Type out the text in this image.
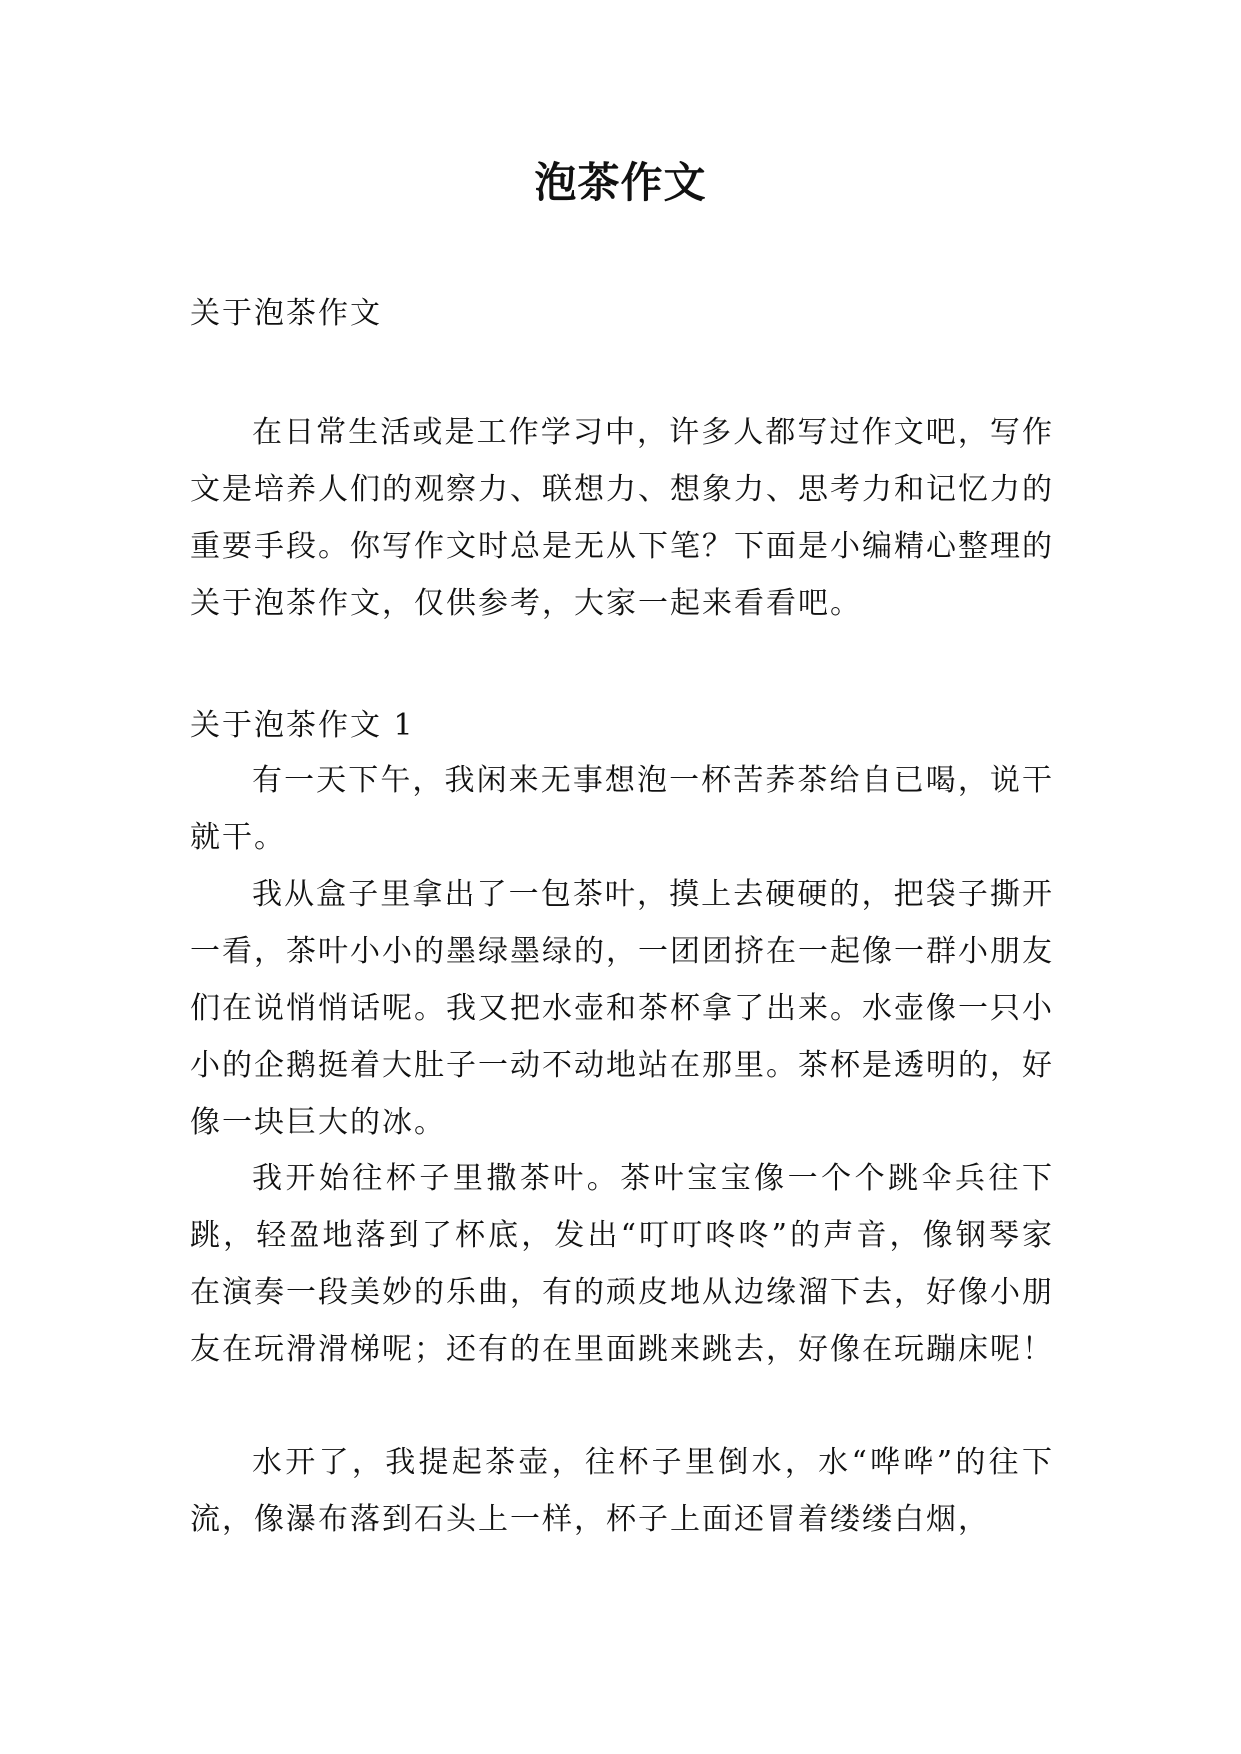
泡茶作文
关于泡茶作文

在日常生活或是工作学习中，许多人都写过作文吧，写作文是培养人们的观察力、联想力、想象力、思考力和记忆力的重要手段。你写作文时总是无从下笔？下面是小编精心整理的关于泡茶作文，仅供参考，大家一起来看看吧。

关于泡茶作文 1

有一天下午，我闲来无事想泡一杯苦荞茶给自已喝，说干就干。

我从盒子里拿出了一包茶叶，摸上去硬硬的，把袋子撕开一看，茶叶小小的墨绿墨绿的，一团团挤在一起像一群小朋友们在说悄悄话呢。我又把水壶和茶杯拿了出来。水壶像一只小小的企鹅挺着大肚子一动不动地站在那里。茶杯是透明的，好像一块巨大的冰。

我开始往杯子里撒茶叶。茶叶宝宝像一个个跳伞兵往下跳，轻盈地落到了杯底，发出“叮叮咚咚”的声音，像钢琴家在演奏一段美妙的乐曲，有的顽皮地从边缘溜下去，好像小朋友在玩滑滑梯呢；还有的在里面跳来跳去，好像在玩蹦床呢！

水开了，我提起茶壶，往杯子里倒水，水“哗哗”的往下流，像瀑布落到石头上一样，杯子上面还冒着缕缕白烟，
